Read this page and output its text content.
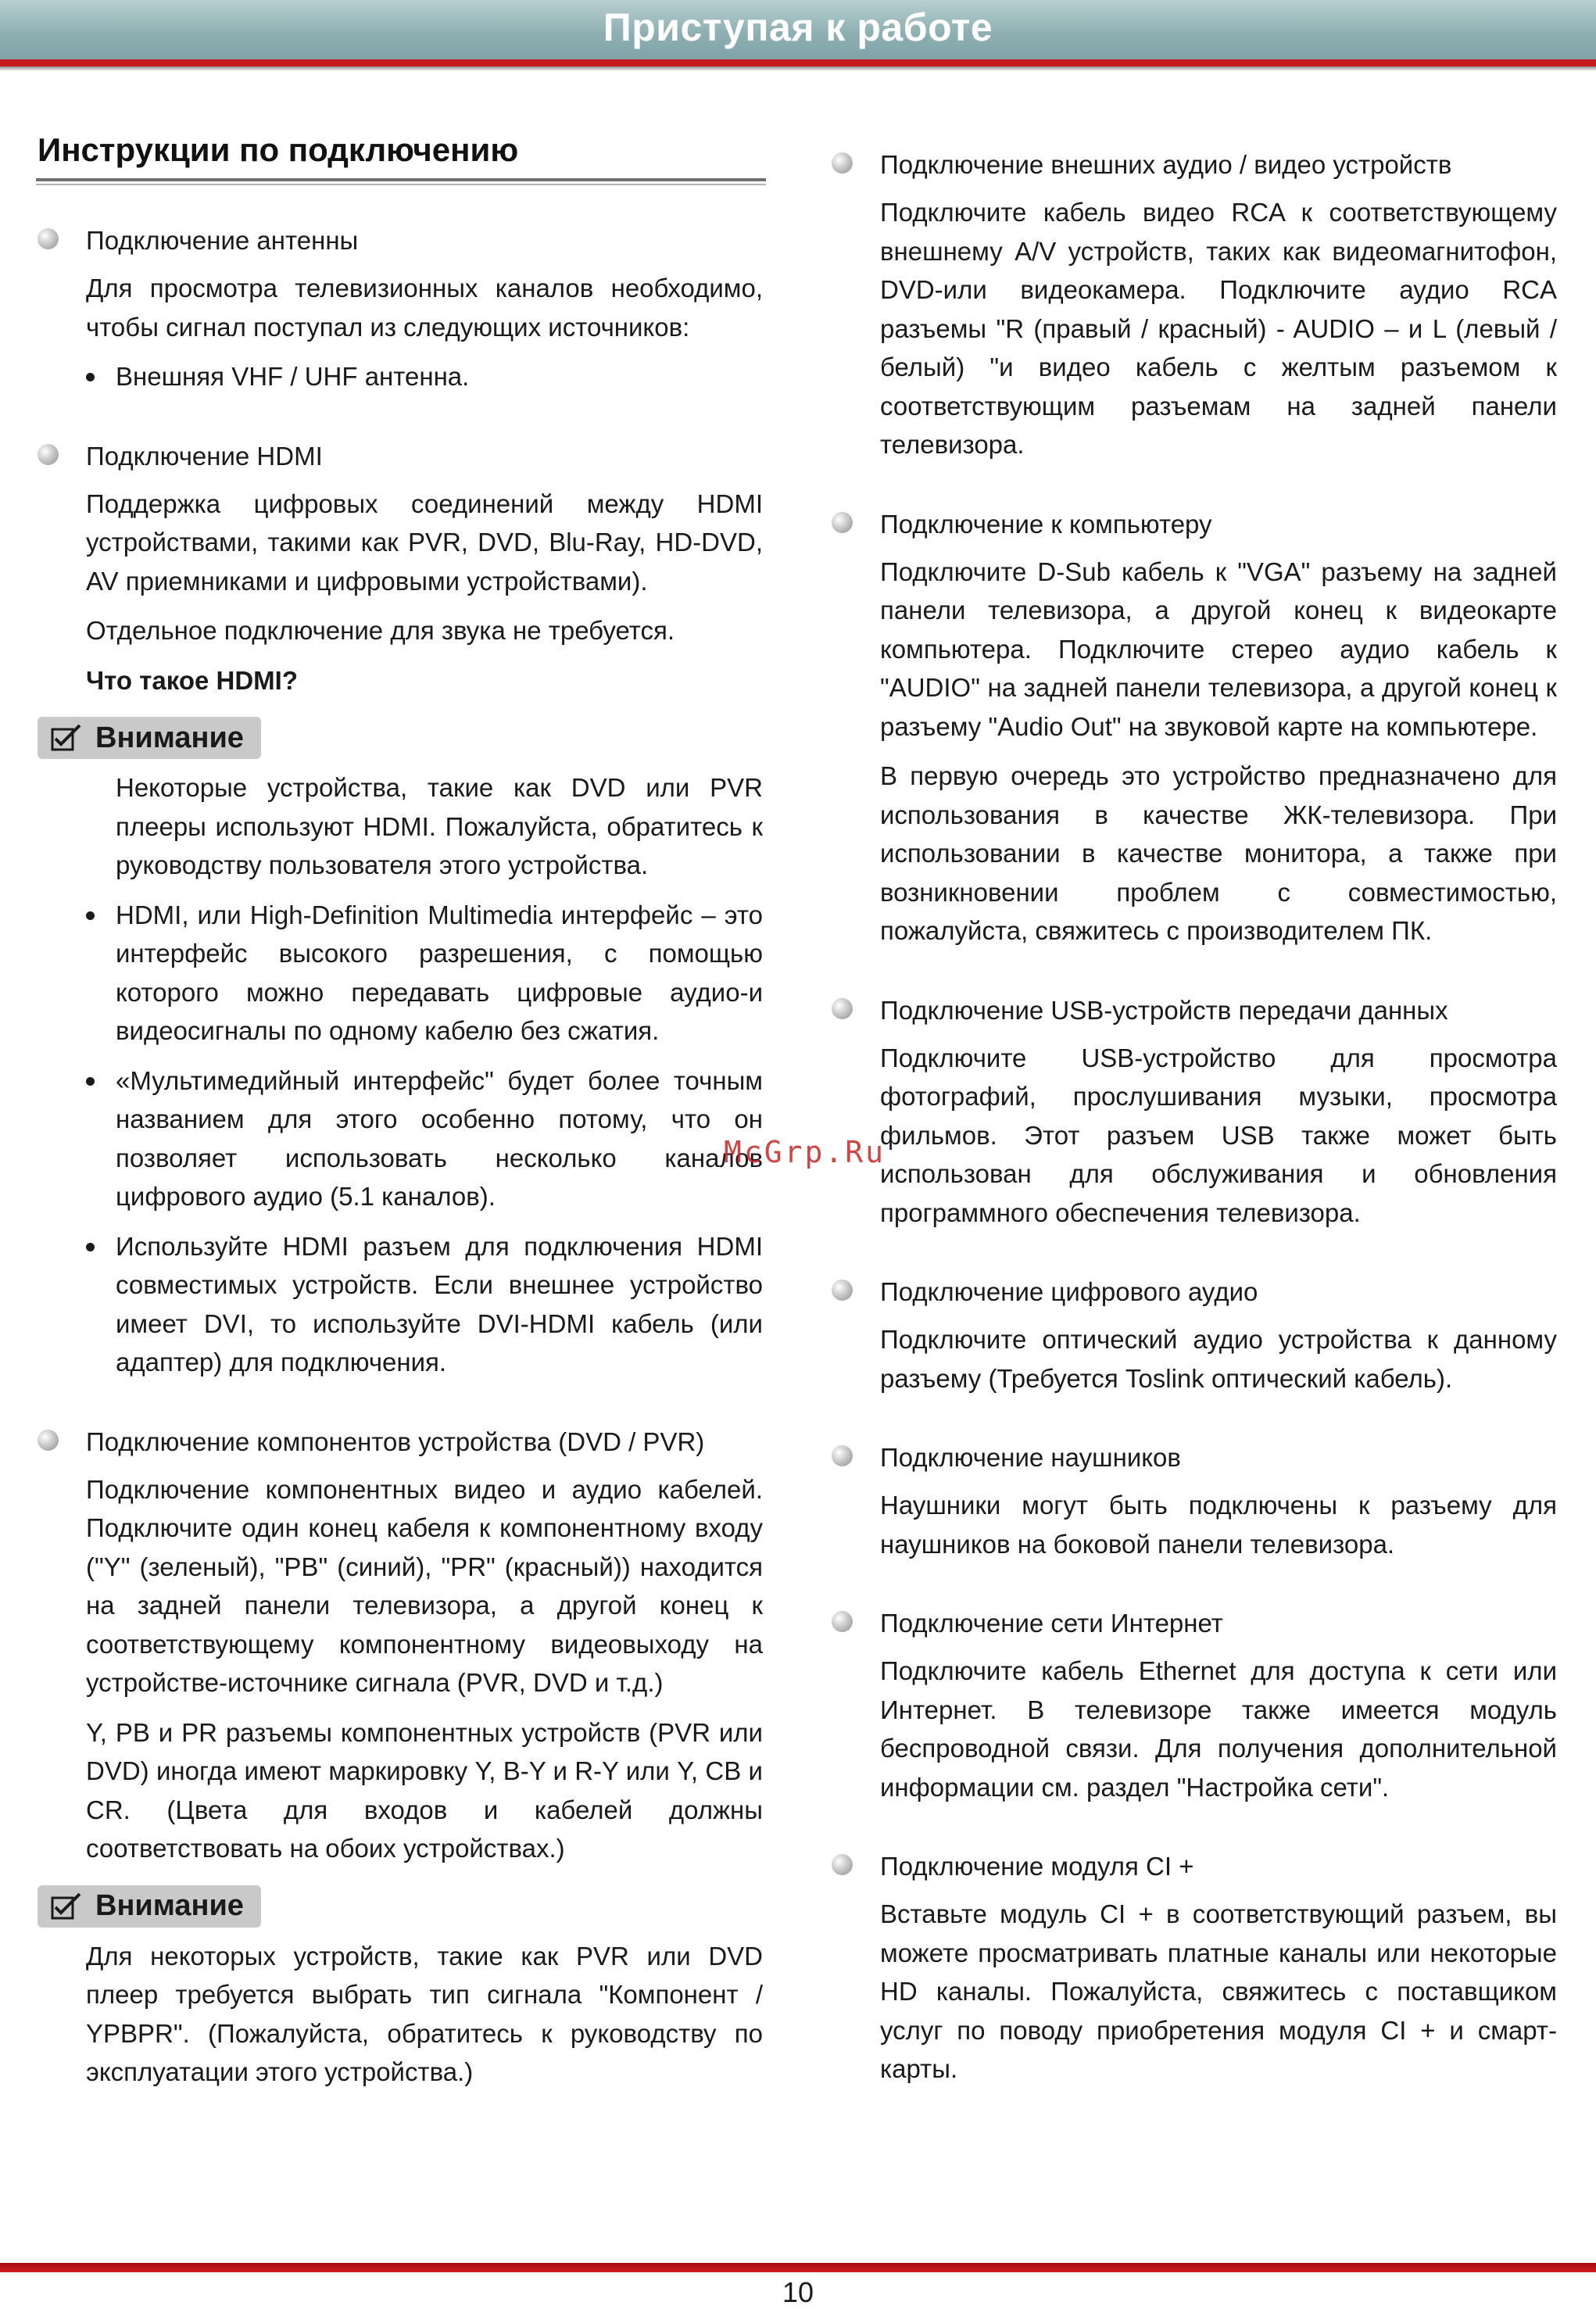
Приступая к работе
Инструкции по подключению
Подключение антенны

Для просмотра телевизионных каналов необходимо, чтобы сигнал поступал из следующих источников:

Внешняя VHF / UHF антенна.
Подключение HDMI

Поддержка цифровых соединений между HDMI устройствами, такими как PVR, DVD, Blu-Ray, HD-DVD, AV приемниками и цифровыми устройствами).

Отдельное подключение для звука не требуется.

Что такое HDMI?

Внимание

Некоторые устройства, такие как DVD или PVR плееры используют HDMI. Пожалуйста, обратитесь к руководству пользователя этого устройства.

HDMI, или High-Definition Multimedia интерфейс – это интерфейс высокого разрешения, с помощью которого можно передавать цифровые аудио-и видеосигналы по одному кабелю без сжатия.
«Мультимедийный интерфейс" будет более точным названием для этого особенно потому, что он позволяет использовать несколько каналов цифрового аудио (5.1 каналов).
Используйте HDMI разъем для подключения HDMI совместимых устройств. Если внешнее устройство имеет DVI, то используйте DVI-HDMI кабель (или адаптер) для подключения.
Подключение компонентов устройства (DVD / PVR)

Подключение компонентных видео и аудио кабелей. Подключите один конец кабеля к компонентному входу ("Y" (зеленый), "PB" (синий), "PR" (красный)) находится на задней панели телевизора, а другой конец к соответствующему компонентному видеовыходу на устройстве-источнике сигнала (PVR, DVD и т.д.)

Y, PB и PR разъемы компонентных устройств (PVR или DVD) иногда имеют маркировку Y, B-Y и R-Y или Y, CB и CR. (Цвета для входов и кабелей должны соответствовать на обоих устройствах.)

Внимание

Для некоторых устройств, такие как PVR или DVD плеер требуется выбрать тип сигнала "Компонент / YPBPR". (Пожалуйста, обратитесь к руководству по эксплуатации этого устройства.)

Подключение внешних аудио / видео устройств

Подключите кабель видео RCA к соответствующему внешнему A/V устройств, таких как видеомагнитофон, DVD-или видеокамера. Подключите аудио RCA разъемы "R (правый / красный) - AUDIO – и L (левый / белый) "и видео кабель с желтым разъемом к соответствующим разъемам на задней панели телевизора.

Подключение к компьютеру

Подключите D-Sub кабель к "VGA" разъему на задней панели телевизора, а другой конец к видеокарте компьютера. Подключите стерео аудио кабель к "AUDIO" на задней панели телевизора, а другой конец к разъему "Audio Out" на звуковой карте на компьютере.

В первую очередь это устройство предназначено для использования в качестве ЖК-телевизора. При использовании в качестве монитора, а также при возникновении проблем с совместимостью, пожалуйста, свяжитесь с производителем ПК.

Подключение USB-устройств передачи данных

Подключите USB-устройство для просмотра фотографий, прослушивания музыки, просмотра фильмов. Этот разъем USB также может быть использован для обслуживания и обновления программного обеспечения телевизора.

Подключение цифрового аудио

Подключите оптический аудио устройства к данному разъему (Требуется Toslink оптический кабель).

Подключение наушников

Наушники могут быть подключены к разъему для наушников на боковой панели телевизора.

Подключение сети Интернет

Подключите кабель Ethernet для доступа к сети или Интернет. В телевизоре также имеется модуль беспроводной связи. Для получения дополнительной информации см. раздел "Настройка сети".

Подключение модуля CI +

Вставьте модуль CI + в соответствующий разъем, вы можете просматривать платные каналы или некоторые HD каналы. Пожалуйста, свяжитесь с поставщиком услуг по поводу приобретения модуля CI + и смарт-карты.

McGrp.Ru
10
